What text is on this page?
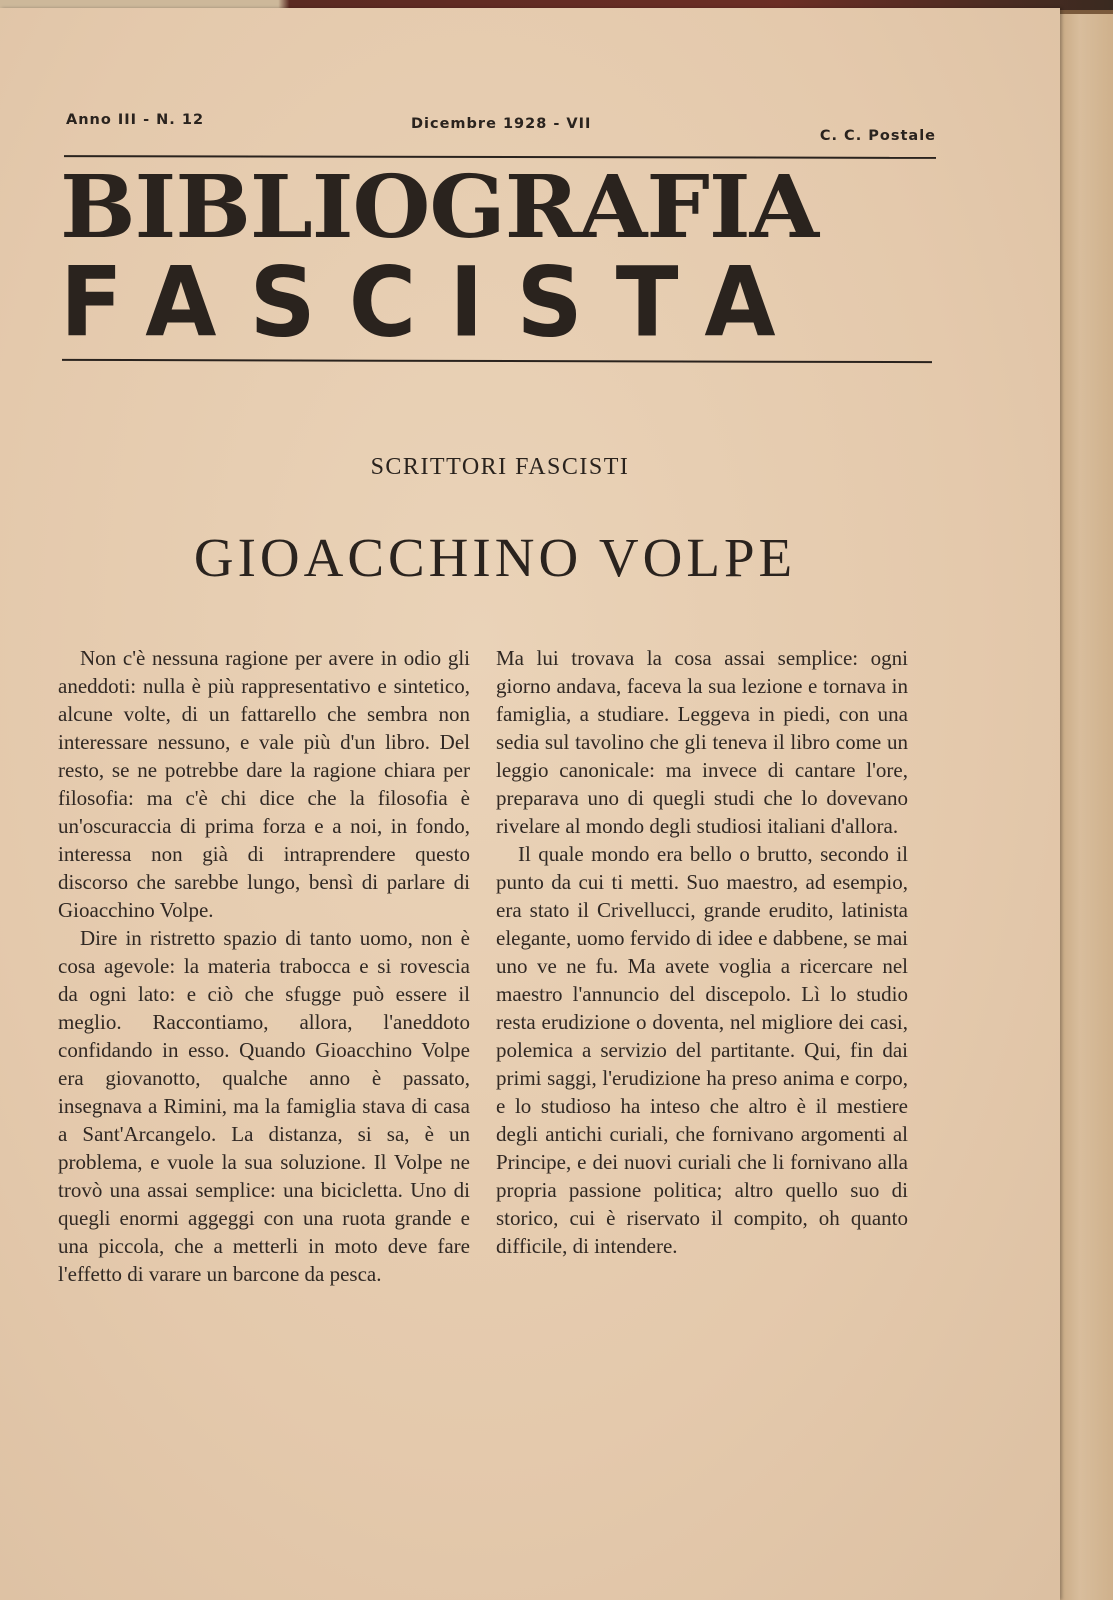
Anno III - N. 12	Dicembre 1928 - VII
C. C. Postale
BIBLIOGRAFIA
FASCISTA
SCRITTORI FASCISTI
GIOACCHINO VOLPE

Non c'è nessuna ragione per avere in odio gli aneddoti: nulla è più rappresentativo e sintetico, alcune volte, di un fattarello che sembra non interessare nessuno, e vale più d'un libro. Del resto, se ne potrebbe dare la ragione chiara per filosofia: ma c'è chi dice che la filosofia è un'oscuraccia di prima forza e a noi, in fondo, interessa non già di intraprendere questo discorso che sarebbe lungo, bensì di parlare di Gioacchino Volpe.

Dire in ristretto spazio di tanto uomo, non è cosa agevole: la materia trabocca e si rovescia da ogni lato: e ciò che sfugge può essere il meglio. Raccontiamo, allora, l'aneddoto confidando in esso. Quando Gioacchino Volpe era giovanotto, qualche anno è passato, insegnava a Rimini, ma la famiglia stava di casa a Sant'Arcangelo. La distanza, si sa, è un problema, e vuole la sua soluzione. Il Volpe ne trovò una assai semplice: una bicicletta. Uno di quegli enormi aggeggi con una ruota grande e una piccola, che a metterli in moto deve fare l'effetto di varare un barcone da pesca.

Ma lui trovava la cosa assai semplice: ogni giorno andava, faceva la sua lezione e tornava in famiglia, a studiare. Leggeva in piedi, con una sedia sul tavolino che gli teneva il libro come un leggio canonicale: ma invece di cantare l'ore, preparava uno di quegli studi che lo dovevano rivelare al mondo degli studiosi italiani d'allora.

Il quale mondo era bello o brutto, secondo il punto da cui ti metti. Suo maestro, ad esempio, era stato il Crivellucci, grande erudito, latinista elegante, uomo fervido di idee e dabbene, se mai uno ve ne fu. Ma avete voglia a ricercare nel maestro l'annuncio del discepolo. Lì lo studio resta erudizione o doventa, nel migliore dei casi, polemica a servizio del partitante. Qui, fin dai primi saggi, l'erudizione ha preso anima e corpo, e lo studioso ha inteso che altro è il mestiere degli antichi curiali, che fornivano argomenti al Principe, e dei nuovi curiali che li fornivano alla propria passione politica; altro quello suo di storico, cui è riservato il compito, oh quanto difficile, di intendere.
